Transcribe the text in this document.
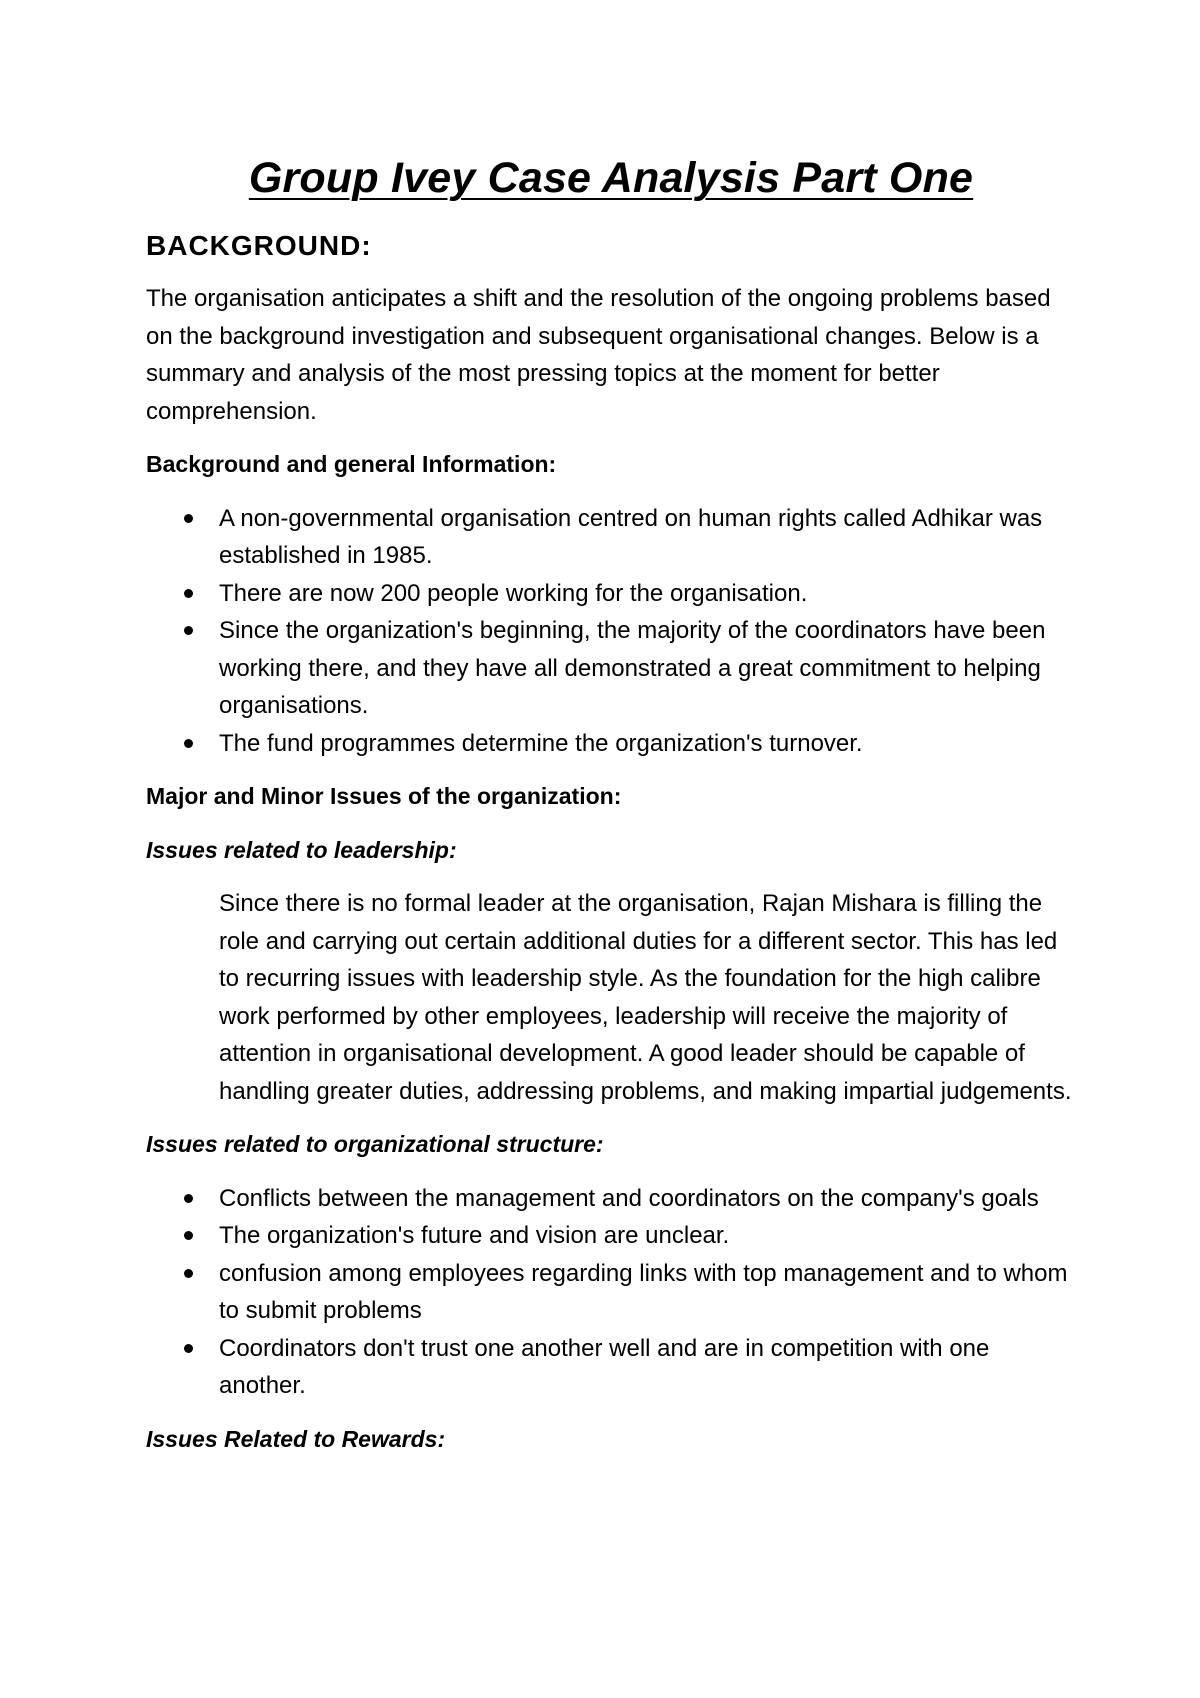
Group Ivey Case Analysis Part One
BACKGROUND:

The organisation anticipates a shift and the resolution of the ongoing problems based on the background investigation and subsequent organisational changes. Below is a summary and analysis of the most pressing topics at the moment for better comprehension.

Background and general Information:
A non-governmental organisation centred on human rights called Adhikar was established in 1985.
There are now 200 people working for the organisation.
Since the organization's beginning, the majority of the coordinators have been working there, and they have all demonstrated a great commitment to helping organisations.
The fund programmes determine the organization's turnover.
Major and Minor Issues of the organization:
Issues related to leadership:

Since there is no formal leader at the organisation, Rajan Mishara is filling the role and carrying out certain additional duties for a different sector. This has led to recurring issues with leadership style. As the foundation for the high calibre work performed by other employees, leadership will receive the majority of attention in organisational development. A good leader should be capable of handling greater duties, addressing problems, and making impartial judgements.

Issues related to organizational structure:
Conflicts between the management and coordinators on the company's goals
The organization's future and vision are unclear.
confusion among employees regarding links with top management and to whom to submit problems
Coordinators don't trust one another well and are in competition with one another.
Issues Related to Rewards:
